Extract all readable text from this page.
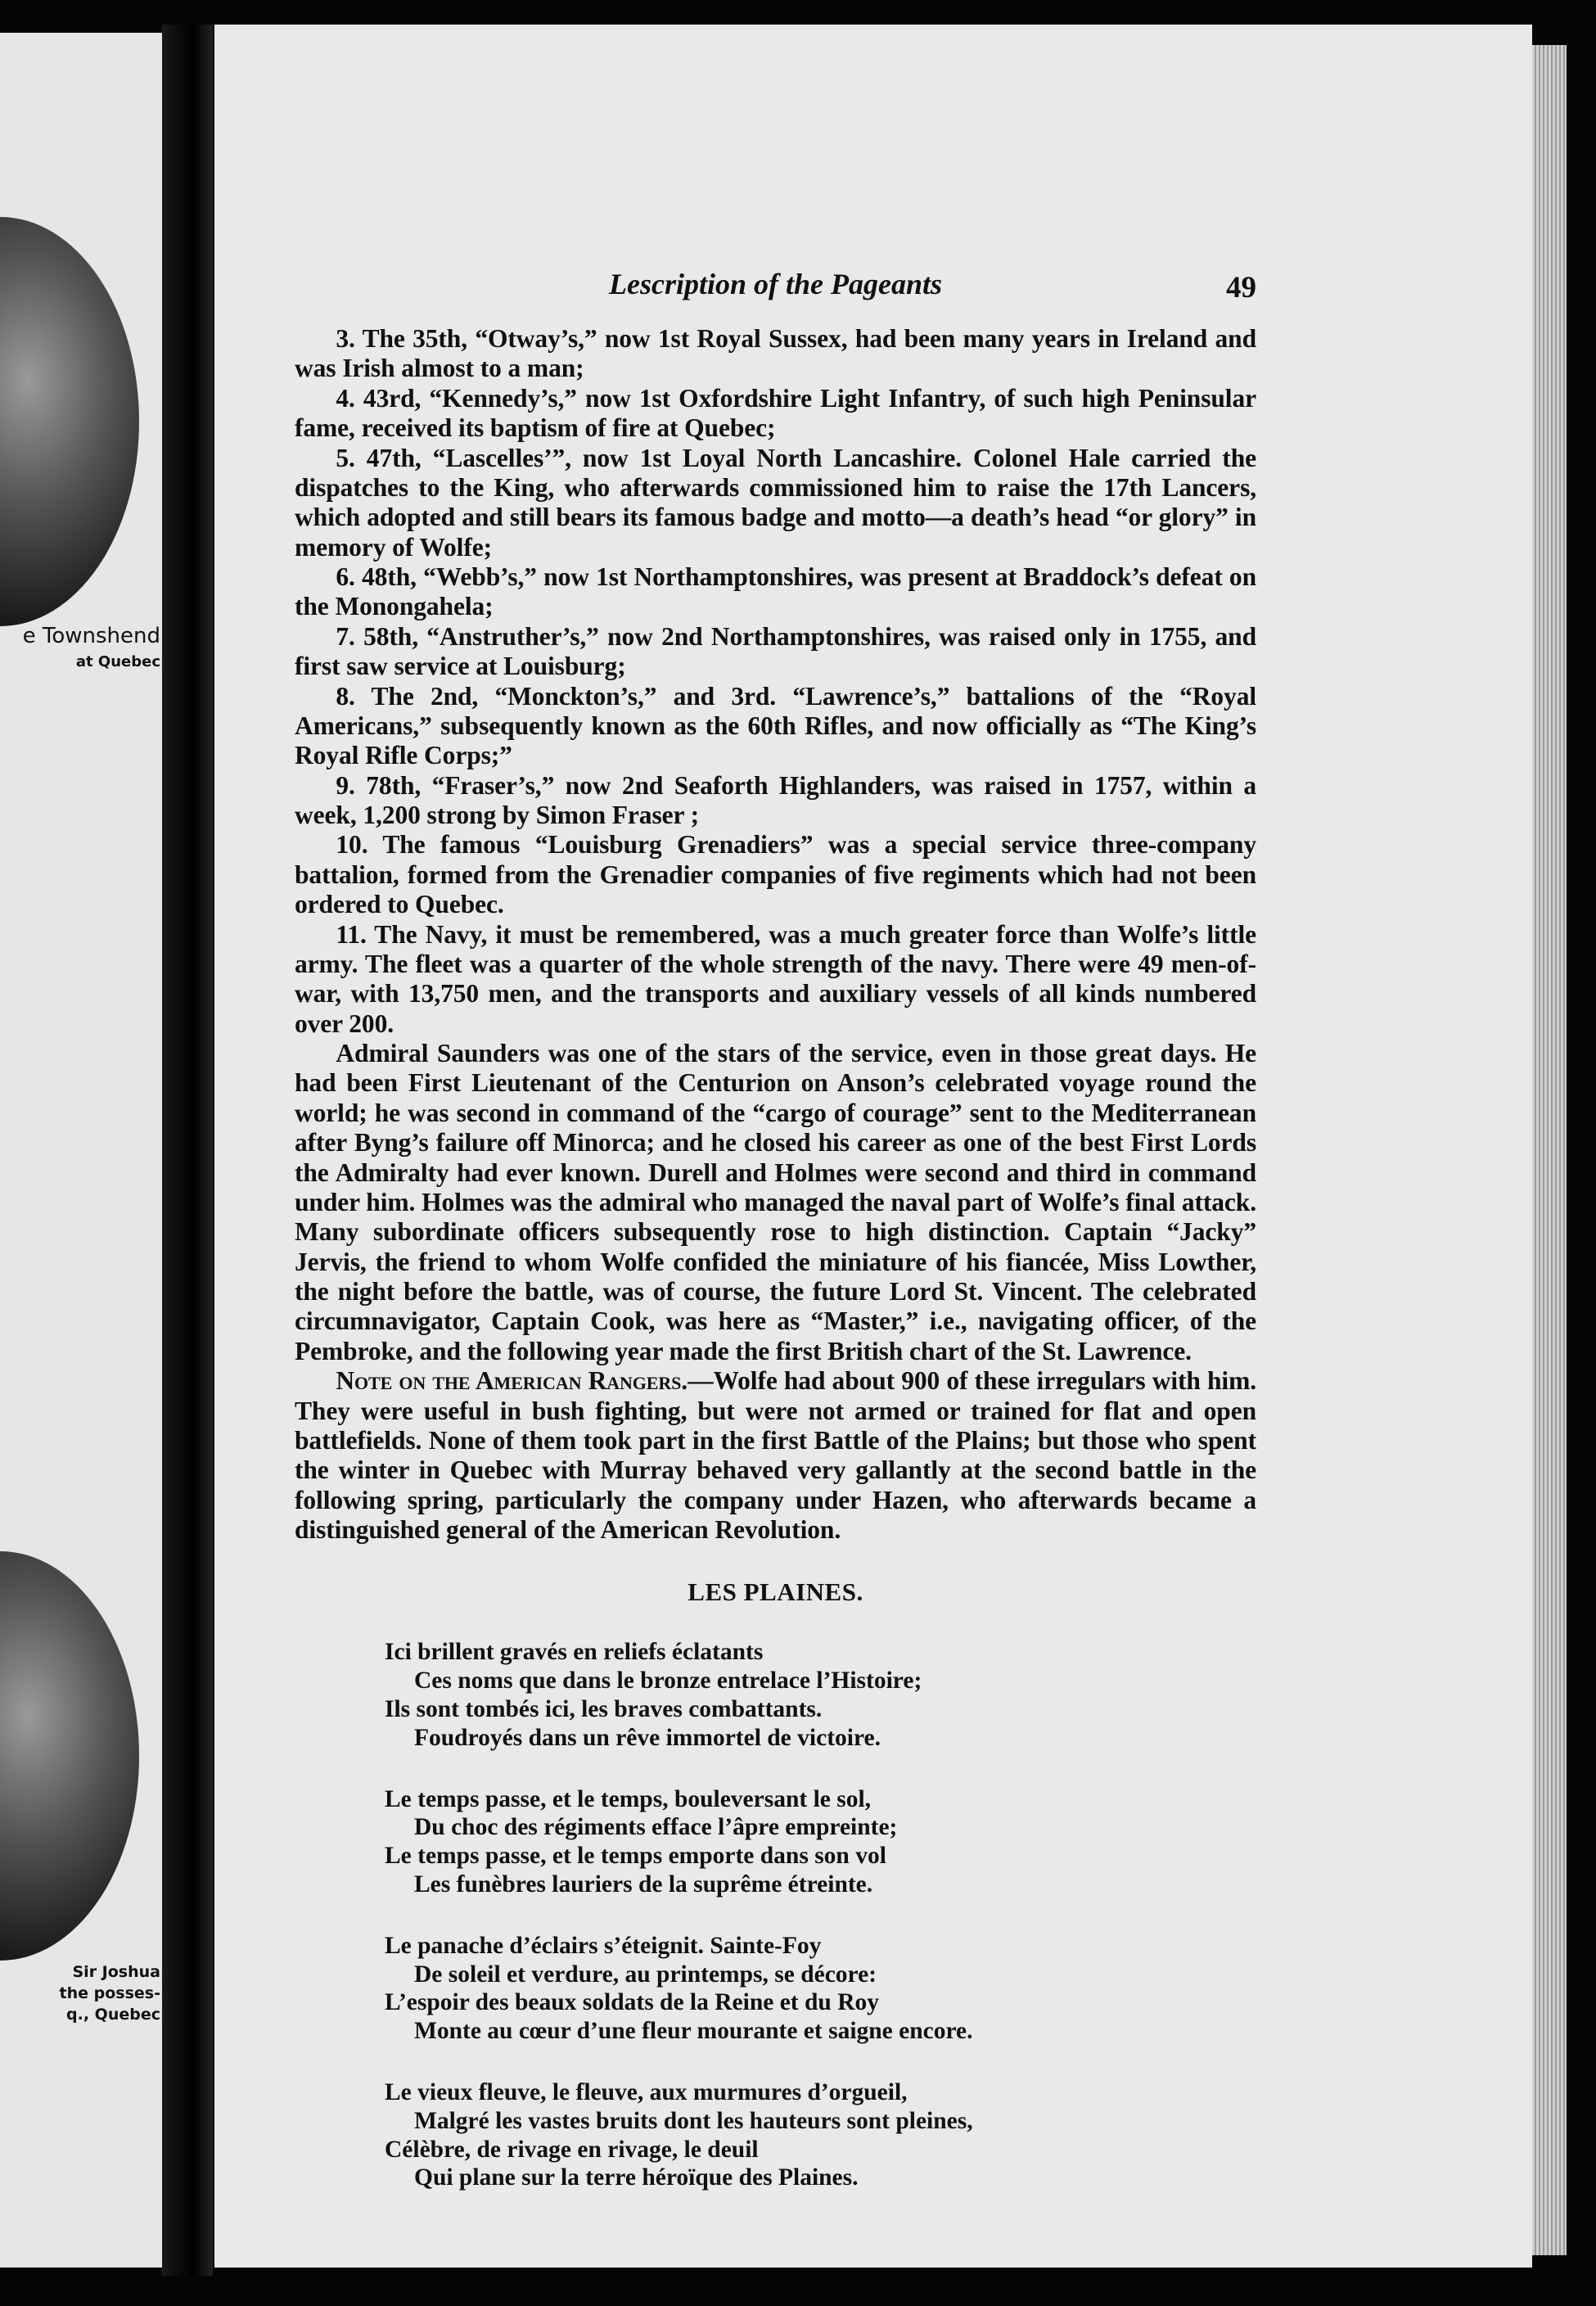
e Townshend
at Quebec
Sir Joshua
the posses-
q., Quebec
Lescription of the Pageants	49

3. The 35th, “Otway’s,” now 1st Royal Sussex, had been many years in Ireland and was Irish almost to a man;

4. 43rd, “Kennedy’s,” now 1st Oxfordshire Light Infantry, of such high Peninsular fame, received its baptism of fire at Quebec;

5. 47th, “Lascelles’”, now 1st Loyal North Lancashire. Colonel Hale carried the dispatches to the King, who afterwards commissioned him to raise the 17th Lancers, which adopted and still bears its famous badge and motto—a death’s head “or glory” in memory of Wolfe;

6. 48th, “Webb’s,” now 1st Northamptonshires, was present at Braddock’s defeat on the Monongahela;

7. 58th, “Anstruther’s,” now 2nd Northamptonshires, was raised only in 1755, and first saw service at Louisburg;

8. The 2nd, “Monckton’s,” and 3rd. “Lawrence’s,” battalions of the “Royal Americans,” subsequently known as the 60th Rifles, and now officially as “The King’s Royal Rifle Corps;”

9. 78th, “Fraser’s,” now 2nd Seaforth Highlanders, was raised in 1757, within a week, 1,200 strong by Simon Fraser ;

10. The famous “Louisburg Grenadiers” was a special service three-company battalion, formed from the Grenadier companies of five regiments which had not been ordered to Quebec.

11. The Navy, it must be remembered, was a much greater force than Wolfe’s little army. The fleet was a quarter of the whole strength of the navy. There were 49 men-of-war, with 13,750 men, and the transports and auxiliary vessels of all kinds numbered over 200.

Admiral Saunders was one of the stars of the service, even in those great days. He had been First Lieutenant of the Centurion on Anson’s celebrated voyage round the world; he was second in command of the “cargo of courage” sent to the Mediterranean after Byng’s failure off Minorca; and he closed his career as one of the best First Lords the Admiralty had ever known. Durell and Holmes were second and third in command under him. Holmes was the admiral who managed the naval part of Wolfe’s final attack. Many subordinate officers subsequently rose to high distinction. Captain “Jacky” Jervis, the friend to whom Wolfe confided the miniature of his fiancée, Miss Lowther, the night before the battle, was of course, the future Lord St. Vincent. The celebrated circumnavigator, Captain Cook, was here as “Master,” i.e., navigating officer, of the Pembroke, and the following year made the first British chart of the St. Lawrence.

Note on the American Rangers.—Wolfe had about 900 of these irregulars with him. They were useful in bush fighting, but were not armed or trained for flat and open battlefields. None of them took part in the first Battle of the Plains; but those who spent the winter in Quebec with Murray behaved very gallantly at the second battle in the following spring, particularly the company under Hazen, who afterwards became a distinguished general of the American Revolution.

LES PLAINES.
Ici brillent gravés en reliefs éclatants
Ces noms que dans le bronze entrelace l’Histoire;
Ils sont tombés ici, les braves combattants.
Foudroyés dans un rêve immortel de victoire.
Le temps passe, et le temps, bouleversant le sol,
Du choc des régiments efface l’âpre empreinte;
Le temps passe, et le temps emporte dans son vol
Les funèbres lauriers de la suprême étreinte.
Le panache d’éclairs s’éteignit. Sainte-Foy
De soleil et verdure, au printemps, se décore:
L’espoir des beaux soldats de la Reine et du Roy
Monte au cœur d’une fleur mourante et saigne encore.
Le vieux fleuve, le fleuve, aux murmures d’orgueil,
Malgré les vastes bruits dont les hauteurs sont pleines,
Célèbre, de rivage en rivage, le deuil
Qui plane sur la terre héroïque des Plaines.
